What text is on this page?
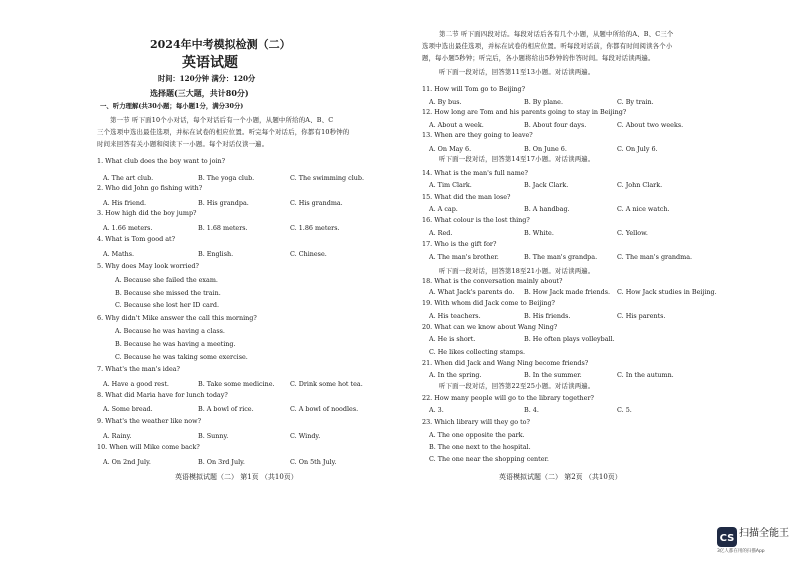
2024年中考模拟检测（二）
英语试题
时间：120分钟 满分：120分
选择题(三大题，共计80分)
一、听力理解(共30小题；每小题1分，满分30分)
第一节 听下面10个小对话，每个对话后有一个小题，从题中所给的A、B、C
三个选项中选出最佳选项，并标在试卷的相应位置。听完每个对话后，你都有10秒钟的
时间来回答有关小题和阅读下一小题。每个对话仅读一遍。
1. What club does the boy want to join?
A. The art club.	B. The yoga club.	C. The swimming club.
2. Who did John go fishing with?
A. His friend.	B. His grandpa.	C. His grandma.
3. How high did the boy jump?
A. 1.66 meters.	B. 1.68 meters.	C. 1.86 meters.
4. What is Tom good at?
A. Maths.	B. English.	C. Chinese.
5. Why does May look worried?
A. Because she failed the exam.
B. Because she missed the train.
C. Because she lost her ID card.
6. Why didn't Mike answer the call this morning?
A. Because he was having a class.
B. Because he was having a meeting.
C. Because he was taking some exercise.
7. What's the man's idea?
A. Have a good rest.	B. Take some medicine. C. Drink some hot tea.
8. What did Maria have for lunch today?
A. Some bread.	B. A bowl of rice.	C. A bowl of noodles.
9. What's the weather like now?
A. Rainy.	B. Sunny.	C. Windy.
10. When will Mike come back?
A. On 2nd July.	B. On 3rd July.	C. On 5th July.
英语模拟试题（二） 第1页 （共10页）
第二节 听下面四段对话。每段对话后各有几个小题，从题中所给的A、B、C三个
选项中选出最佳选项，并标在试卷的相应位置。听每段对话前，你都有时间阅读各个小
题，每小题5秒钟；听完后，各小题将给出5秒钟的作答时间。每段对话读两遍。
听下面一段对话，回答第11至13小题。对话读两遍。
11. How will Tom go to Beijing?
A. By bus.	B. By plane.	C. By train.
12. How long are Tom and his parents going to stay in Beijing?
A. About a week.	B. About four days.	C. About two weeks.
13. When are they going to leave?
A. On May 6.	B. On June 6.	C. On July 6.
14. What is the man's full name?
A. Tim Clark.	B. Jack Clark.	C. John Clark.
15. What did the man lose?
A. A cap.	B. A handbag.	C. A nice watch.
16. What colour is the lost thing?
A. Red.	B. White.	C. Yellow.
17. Who is the gift for?
A. The man's brother.	B. The man's grandpa.	C. The man's grandma.
18. What is the conversation mainly about?
A. What Jack's parents do. B. How Jack made friends. C. How Jack studies in Beijing.
19. With whom did Jack come to Beijing?
A. His teachers.	B. His friends.	C. His parents.
20. What can we know about Wang Ning?
A. He is short.	B. He often plays volleyball.
C. He likes collecting stamps.
21. When did Jack and Wang Ning become friends?
A. In the spring.	B. In the summer.	C. In the autumn.
22. How many people will go to the library together?
A. 3.	B. 4.	C. 5.
23. Which library will they go to?
A. The one opposite the park.
B. The one next to the hospital.
C. The one near the shopping center.
听下面一段对话，回答第14至17小题。对话读两遍。
听下面一段对话，回答第18至21小题。对话读两遍。
听下面一段对话，回答第22至25小题。对话读两遍。
英语模拟试题（二） 第2页 （共10页）
CS 扫描全能王
3亿人都在用的扫描App
